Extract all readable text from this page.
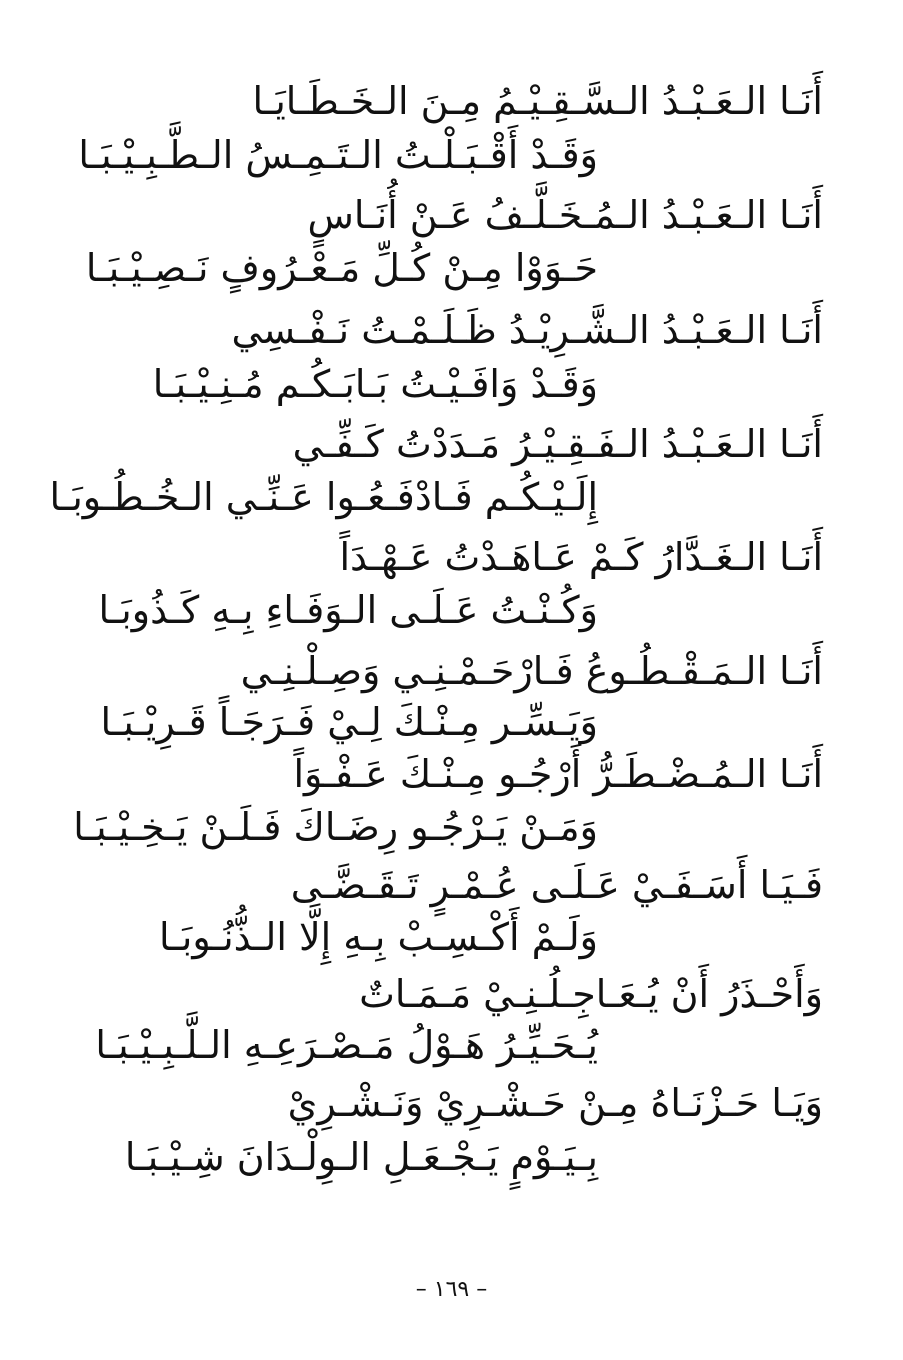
أَنَـا الـعَـبْـدُ الـسَّـقِـيْـمُ مِـنَ الـخَـطَـايَـا
وَقَـدْ أَقْـبَـلْـتُ الـتَـمِـسُ الـطَّـبِـيْـبَـا
أَنَـا الـعَـبْـدُ الـمُـخَـلَّـفُ عَـنْ أُنَـاسٍ
حَـوَوْا مِـنْ كُـلِّ مَـعْـرُوفٍ نَـصِـيْـبَـا
أَنَـا الـعَـبْـدُ الـشَّـرِيْـدُ ظَـلَـمْـتُ نَـفْـسِي
وَقَـدْ وَافَـيْـتُ بَـابَـكُـم مُـنِـيْـبَـا
أَنَـا الـعَـبْـدُ الـفَـقِـيْـرُ مَـدَدْتُ كَـفِّـي
إِلَـيْـكُـم فَـادْفَـعُـوا عَـنِّـي الـخُـطُـوبَـا
أَنَـا الـغَـدَّارُ كَـمْ عَـاهَـدْتُ عَـهْـدَاً
وَكُـنْـتُ عَـلَـى الـوَفَـاءِ بِـهِ كَـذُوبَـا
أَنَـا الـمَـقْـطُـوعُ فَـارْحَـمْـنِـي وَصِـلْـنِـي
وَيَـسِّـر مِـنْـكَ لِـيْ فَـرَجَـاً قَـرِيْـبَـا
أَنَـا الـمُـضْـطَـرُّ أَرْجُـو مِـنْـكَ عَـفْـوَاً
وَمَـنْ يَـرْجُـو رِضَـاكَ فَـلَـنْ يَـخِـيْـبَـا
فَـيَـا أَسَـفَـيْ عَـلَـى عُـمْـرٍ تَـقَـضَّـى
وَلَـمْ أَكْـسِـبْ بِـهِ إِلَّا الـذُّنُـوبَـا
وَأَحْـذَرُ أَنْ يُـعَـاجِـلُـنِـيْ مَـمَـاتٌ
يُـحَـيِّـرُ هَـوْلُ مَـصْـرَعِـهِ الـلَّـبِـيْـبَـا
وَيَـا حَـزْنَـاهُ مِـنْ حَـشْـرِيْ وَنَـشْـرِيْ
بِـيَـوْمٍ يَـجْـعَـلِ الـوِلْـدَانَ شِـيْـبَـا
– ١٦٩ –
